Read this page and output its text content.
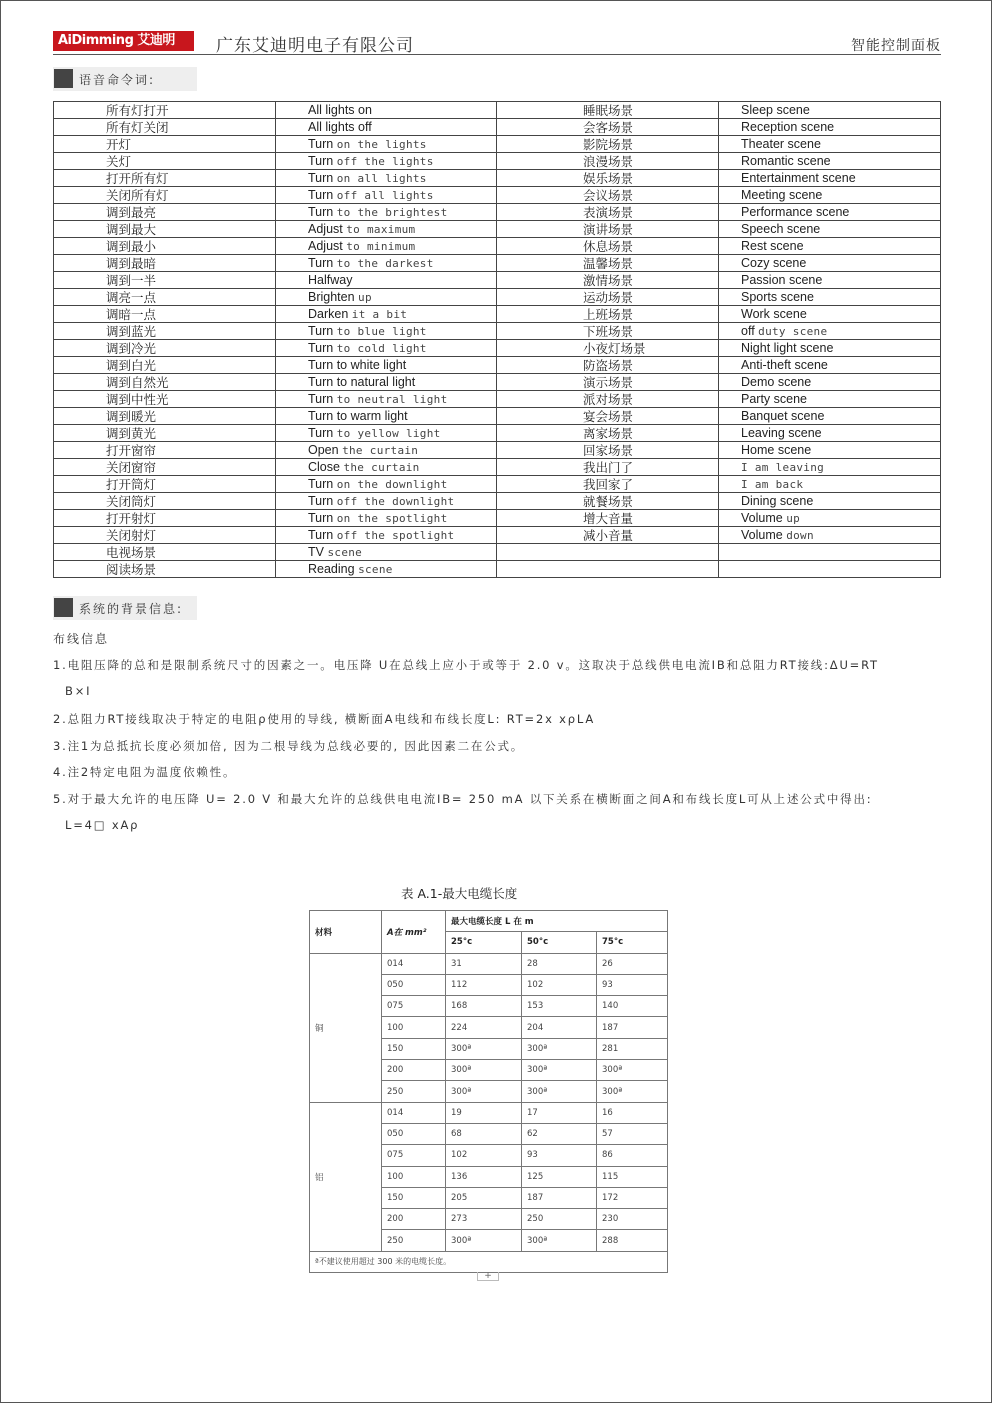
AiDimming 艾迪明	广东艾迪明电子有限公司	智能控制面板
语音命令词:
所有灯打开	All lights on	睡眠场景	Sleep scene
所有灯关闭	All lights off	会客场景	Reception scene
开灯	Turn on the lights	影院场景	Theater scene
关灯	Turn off the lights	浪漫场景	Romantic scene
打开所有灯	Turn on all lights	娱乐场景	Entertainment scene
关闭所有灯	Turn off all lights	会议场景	Meeting scene
调到最亮	Turn to the brightest	表演场景	Performance scene
调到最大	Adjust to maximum	演讲场景	Speech scene
调到最小	Adjust to minimum	休息场景	Rest scene
调到最暗	Turn to the darkest	温馨场景	Cozy scene
调到一半	Halfway	激情场景	Passion scene
调亮一点	Brighten up	运动场景	Sports scene
调暗一点	Darken it a bit	上班场景	Work scene
调到蓝光	Turn to blue light	下班场景	off duty scene
调到冷光	Turn to cold light	小夜灯场景	Night light scene
调到白光	Turn to white light	防盗场景	Anti-theft scene
调到自然光	Turn to natural light	演示场景	Demo scene
调到中性光	Turn to neutral light	派对场景	Party scene
调到暖光	Turn to warm light	宴会场景	Banquet scene
调到黄光	Turn to yellow light	离家场景	Leaving scene
打开窗帘	Open the curtain	回家场景	Home scene
关闭窗帘	Close the curtain	我出门了	I am leaving
打开筒灯	Turn on the downlight	我回家了	I am back
关闭筒灯	Turn off the downlight	就餐场景	Dining scene
打开射灯	Turn on the spotlight	增大音量	Volume up
关闭射灯	Turn off the spotlight	减小音量	Volume down
电视场景	TV scene		
阅读场景	Reading scene		
系统的背景信息:
布线信息
1.电阻压降的总和是限制系统尺寸的因素之一。电压降 U在总线上应小于或等于 2.0 v。这取决于总线供电电流IB和总阻力RT接线:ΔU=RT
B×I
2.总阻力RT接线取决于特定的电阻ρ使用的导线, 横断面A电线和布线长度L: RT=2x xρLA
3.注1为总抵抗长度必须加倍, 因为二根导线为总线必要的, 因此因素二在公式。
4.注2特定电阻为温度依赖性。
5.对于最大允许的电压降 U= 2.0 V 和最大允许的总线供电电流IB= 250 mA 以下关系在横断面之间A和布线长度L可从上述公式中得出:
L=4□ xAρ
表 A.1-最大电缆长度
材料	A在 mm²	最大电缆长度 L 在 m		
		25°c	50°c	75°c
铜	014	31	28	26
	050	112	102	93
	075	168	153	140
	100	224	204	187
	150	300ª	300ª	281
	200	300ª	300ª	300ª
	250	300ª	300ª	300ª
铝	014	19	17	16
	050	68	62	57
	075	102	93	86
	100	136	125	115
	150	205	187	172
	200	273	250	230
	250	300ª	300ª	288
ª不建议使用超过 300 米的电缆长度。				
+
